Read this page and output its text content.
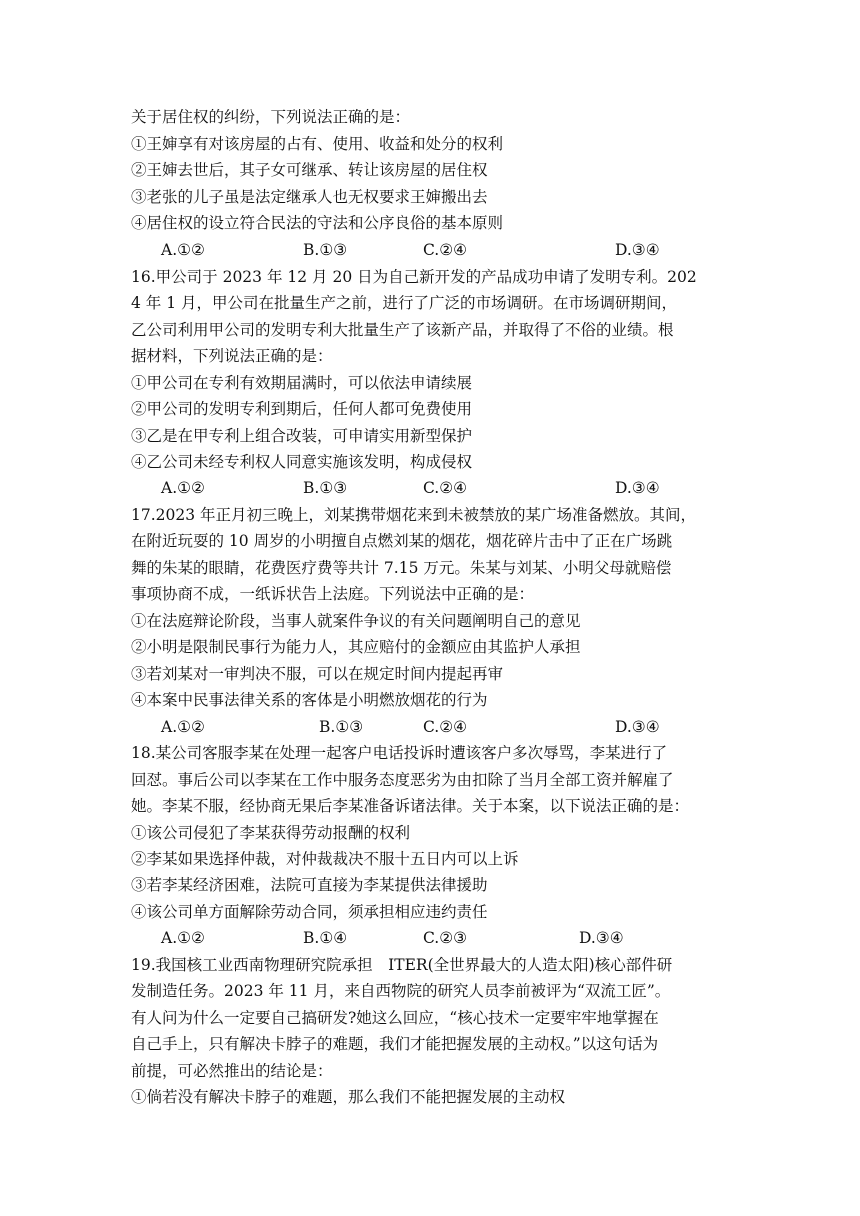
关于居住权的纠纷，下列说法正确的是：
①王婶享有对该房屋的占有、使用、收益和处分的权利
②王婶去世后，其子女可继承、转让该房屋的居住权
③老张的儿子虽是法定继承人也无权要求王婶搬出去
④居住权的设立符合民法的守法和公序良俗的基本原则
A.①②	B.①③	C.②④	D.③④
16.甲公司于 2023 年 12 月 20 日为自己新开发的产品成功申请了发明专利。202
4 年 1 月，甲公司在批量生产之前，进行了广泛的市场调研。在市场调研期间，
乙公司利用甲公司的发明专利大批量生产了该新产品，并取得了不俗的业绩。根
据材料，下列说法正确的是：
①甲公司在专利有效期届满时，可以依法申请续展
②甲公司的发明专利到期后，任何人都可免费使用
③乙是在甲专利上组合改装，可申请实用新型保护
④乙公司未经专利权人同意实施该发明，构成侵权
A.①②	B.①③	C.②④	D.③④
17.2023 年正月初三晚上，刘某携带烟花来到未被禁放的某广场准备燃放。其间，
在附近玩耍的 10 周岁的小明擅自点燃刘某的烟花，烟花碎片击中了正在广场跳
舞的朱某的眼睛，花费医疗费等共计 7.15 万元。朱某与刘某、小明父母就赔偿
事项协商不成，一纸诉状告上法庭。下列说法中正确的是：
①在法庭辩论阶段，当事人就案件争议的有关问题阐明自己的意见
②小明是限制民事行为能力人，其应赔付的金额应由其监护人承担
③若刘某对一审判决不服，可以在规定时间内提起再审
④本案中民事法律关系的客体是小明燃放烟花的行为
A.①②	B.①③	C.②④	D.③④
18.某公司客服李某在处理一起客户电话投诉时遭该客户多次辱骂，李某进行了
回怼。事后公司以李某在工作中服务态度恶劣为由扣除了当月全部工资并解雇了
她。李某不服，经协商无果后李某准备诉诸法律。关于本案，以下说法正确的是：
①该公司侵犯了李某获得劳动报酬的权利
②李某如果选择仲裁，对仲裁裁决不服十五日内可以上诉
③若李某经济困难，法院可直接为李某提供法律援助
④该公司单方面解除劳动合同，须承担相应违约责任
A.①②	B.①④	C.②③	D.③④
19.我国核工业西南物理研究院承担　ITER(全世界最大的人造太阳)核心部件研
发制造任务。2023 年 11 月，来自西物院的研究人员李前被评为“双流工匠”。
有人问为什么一定要自己搞研发?她这么回应，“核心技术一定要牢牢地掌握在
自己手上，只有解决卡脖子的难题，我们才能把握发展的主动权。”以这句话为
前提，可必然推出的结论是：
①倘若没有解决卡脖子的难题，那么我们不能把握发展的主动权
